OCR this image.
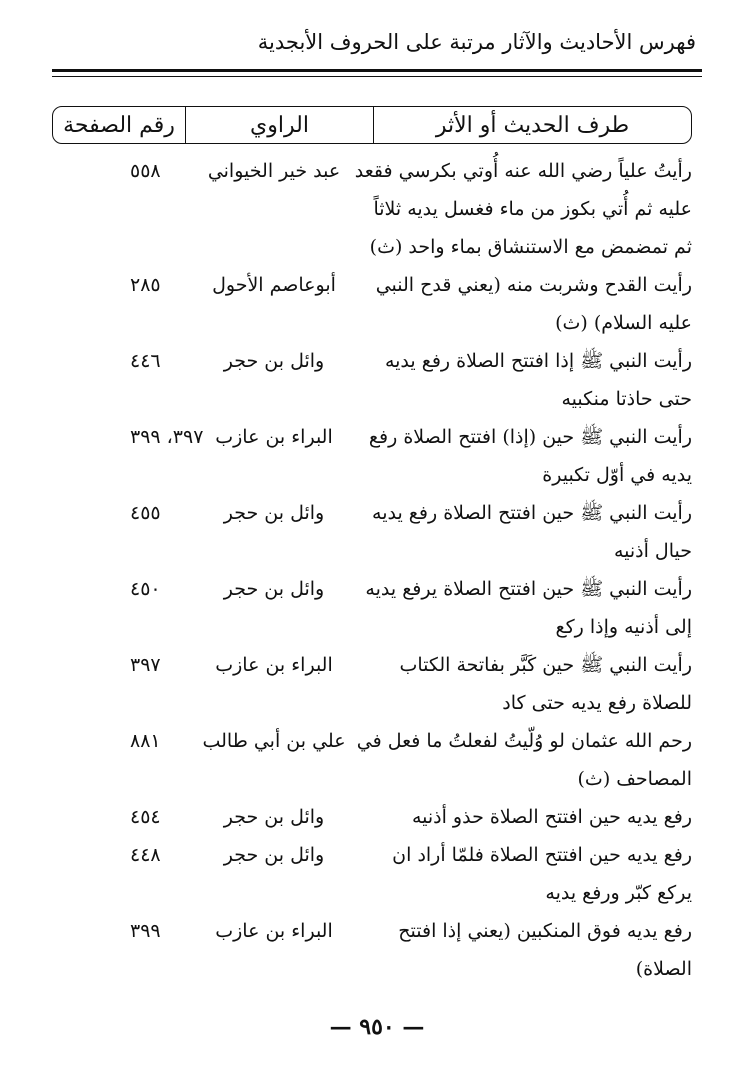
فهرس الأحاديث والآثار مرتبة على الحروف الأبجدية
طرف الحديث أو الأثر
الراوي
رقم الصفحة
رأيتُ علياً رضي الله عنه أُوتي بكرسي فقعد
عليه ثم أُتي بكوز من ماء فغسل يديه ثلاثاً
ثم تمضمض مع الاستنشاق بماء واحد (ث)
عبد خير الخيواني
٥٥٨
رأيت القدح وشربت منه (يعني قدح النبي
عليه السلام) (ث)
أبوعاصم الأحول
٢٨٥
رأيت النبي ﷺ إذا افتتح الصلاة رفع يديه
حتى حاذتا منكبيه
وائل بن حجر
٤٤٦
رأيت النبي ﷺ حين (إذا) افتتح الصلاة رفع
يديه في أوّل تكبيرة
البراء بن عازب
٣٩٧، ٣٩٩
رأيت النبي ﷺ حين افتتح الصلاة رفع يديه
حيال أذنيه
وائل بن حجر
٤٥٥
رأيت النبي ﷺ حين افتتح الصلاة يرفع يديه
إلى أذنيه وإذا ركع
وائل بن حجر
٤٥٠
رأيت النبي ﷺ حين كَبَّر بفاتحة الكتاب
للصلاة رفع يديه حتى كاد
البراء بن عازب
٣٩٧
رحم الله عثمان لو وُلّيتُ لفعلتُ ما فعل في
المصاحف (ث)
علي بن أبي طالب
٨٨١
رفع يديه حين افتتح الصلاة حذو أذنيه
وائل بن حجر
٤٥٤
رفع يديه حين افتتح الصلاة فلمّا أراد ان
يركع كبّر ورفع يديه
وائل بن حجر
٤٤٨
رفع يديه فوق المنكبين (يعني إذا افتتح
الصلاة)
البراء بن عازب
٣٩٩
— ٩٥٠ —
